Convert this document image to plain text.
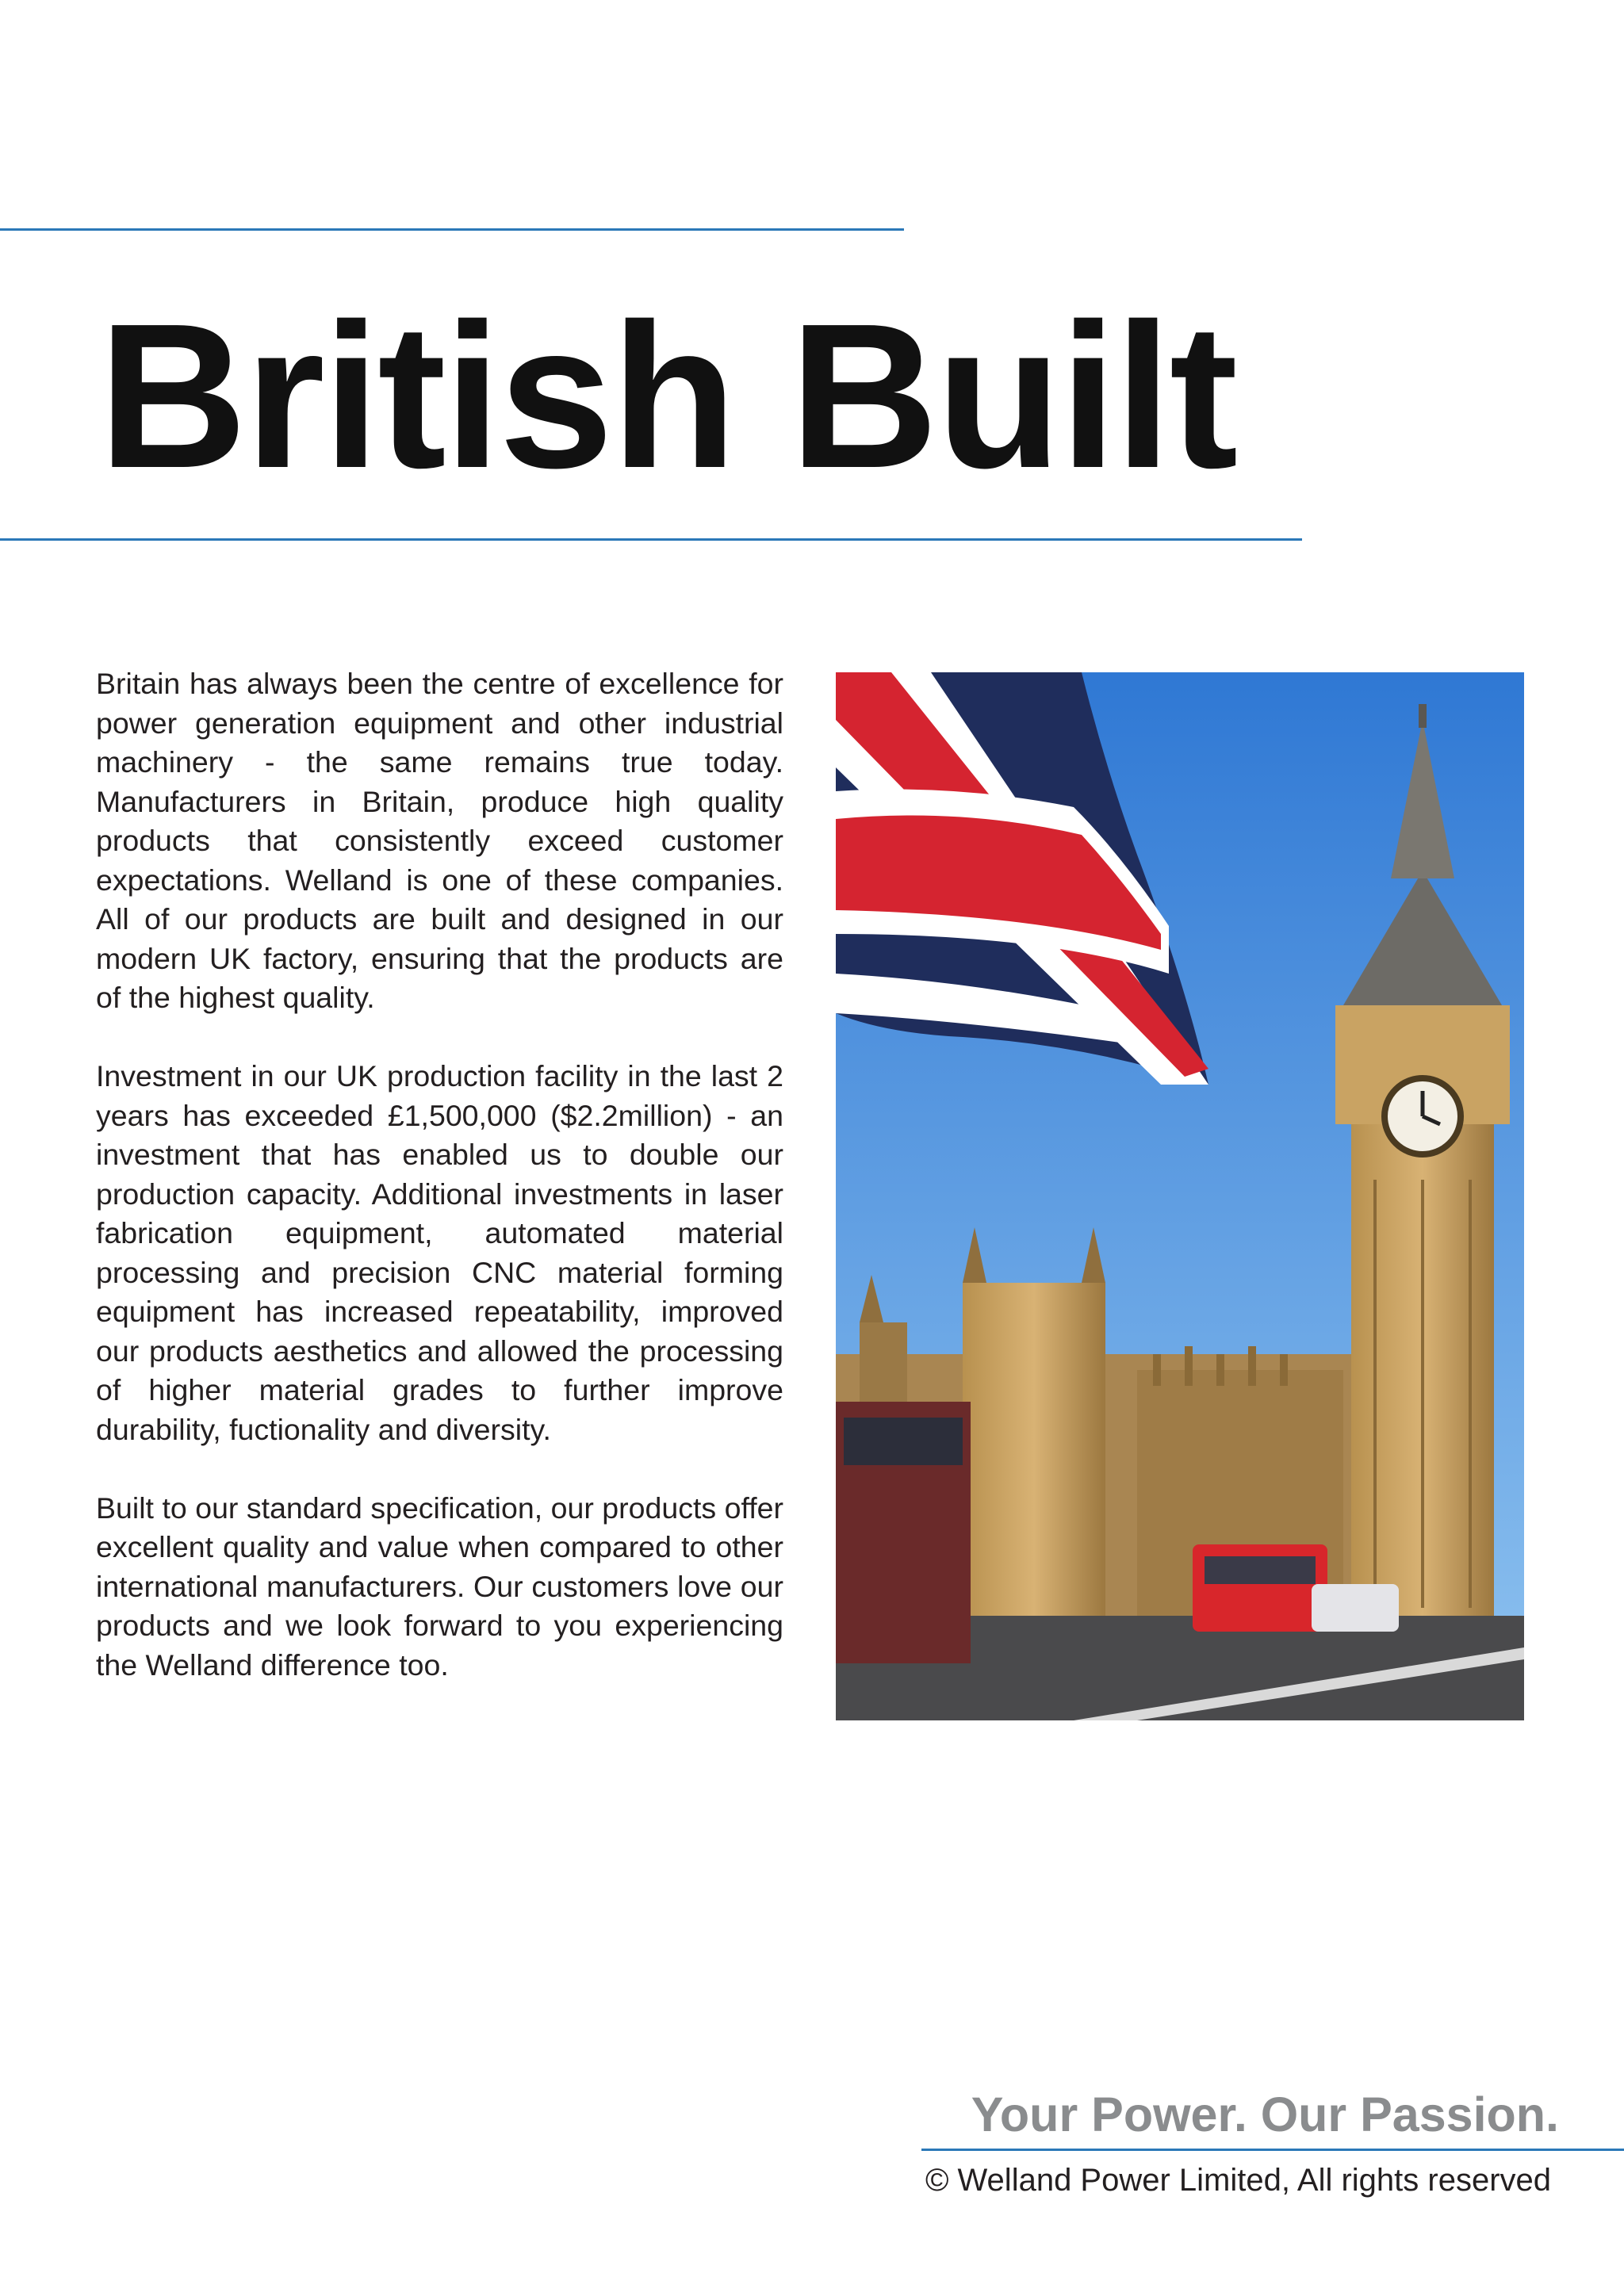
British Built

Britain has always been the centre of excellence for power generation equipment and other industrial machinery - the same remains true today. Manufacturers in Britain, produce high quality products that consistently exceed customer expectations. Welland is one of these companies. All of our products are built and designed in our modern UK factory, ensuring that the products are of the highest quality.

Investment in our UK production facility in the last 2 years has exceeded £1,500,000 ($2.2million) - an investment that has enabled us to double our production capacity. Additional investments in laser fabrication equipment, automated material processing and precision CNC material forming equipment has increased repeatability, improved our products aesthetics and allowed the processing of higher material grades to further improve durability, fuctionality and diversity.

Built to our standard specification, our products offer excellent quality and value when compared to other international manufacturers. Our customers love our products and we look forward to you experiencing the Welland difference too.

Your Power. Our Passion.
© Welland Power Limited, All rights reserved
